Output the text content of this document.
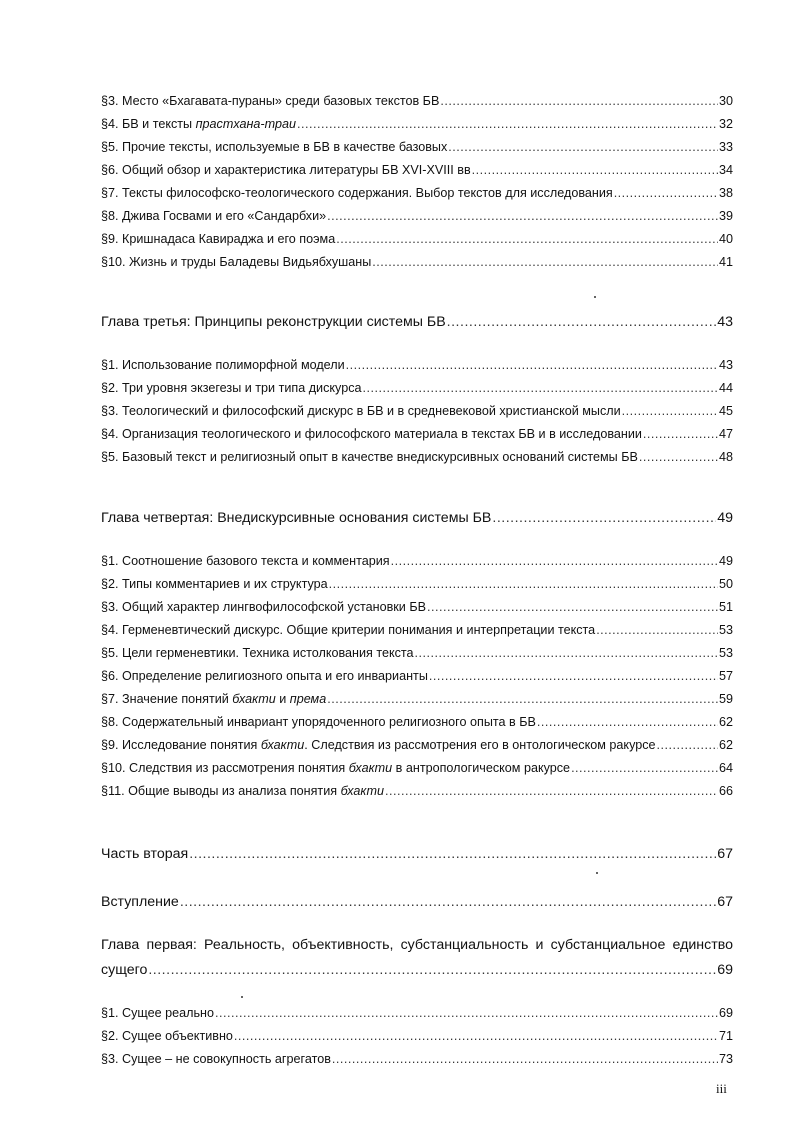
§3. Место «Бхагавата-пураны» среди базовых текстов БВ .....	30
§4. БВ и тексты прастхана-траи .....	32
§5. Прочие тексты, используемые в БВ в качестве базовых .....	33
§6. Общий обзор и характеристика литературы БВ XVI-XVIII вв .....	34
§7. Тексты философско-теологического содержания. Выбор текстов для исследования .....	38
§8. Джива Госвами и его «Сандарбхи» .....	39
§9. Кришнадаса Кавираджа и его поэма .....	40
§10. Жизнь и труды Баладевы Видьябхушаны .....	41
Глава третья: Принципы реконструкции системы БВ .....	43
§1. Использование полиморфной модели .....	43
§2. Три уровня экзегезы и три типа дискурса .....	44
§3. Теологический и философский дискурс в БВ и в средневековой христианской мысли .....	45
§4. Организация теологического и философского материала в текстах БВ и в исследовании .....	47
§5. Базовый текст и религиозный опыт в качестве внедискурсивных оснований системы БВ .....	48
Глава четвертая: Внедискурсивные основания системы БВ .....	49
§1. Соотношение базового текста и комментария .....	49
§2. Типы комментариев и их структура .....	50
§3. Общий характер лингвофилософской установки БВ .....	51
§4. Герменевтический дискурс. Общие критерии понимания и интерпретации текста .....	53
§5. Цели герменевтики. Техника истолкования текста .....	53
§6. Определение религиозного опыта и его инварианты .....	57
§7. Значение понятий бхакти и према .....	59
§8. Содержательный инвариант упорядоченного религиозного опыта в БВ .....	62
§9. Исследование понятия бхакти. Следствия из рассмотрения его в онтологическом ракурсе .....	62
§10. Следствия из рассмотрения понятия бхакти в антропологическом ракурсе .....	64
§11. Общие выводы из анализа понятия бхакти .....	66
Часть вторая .....	67
Вступление .....	67
Глава первая: Реальность, объективность, субстанциальность и субстанциальное единство
сущего .....	69
§1. Сущее реально .....	69
§2. Сущее объективно .....	71
§3. Сущее – не совокупность агрегатов .....	73
iii
